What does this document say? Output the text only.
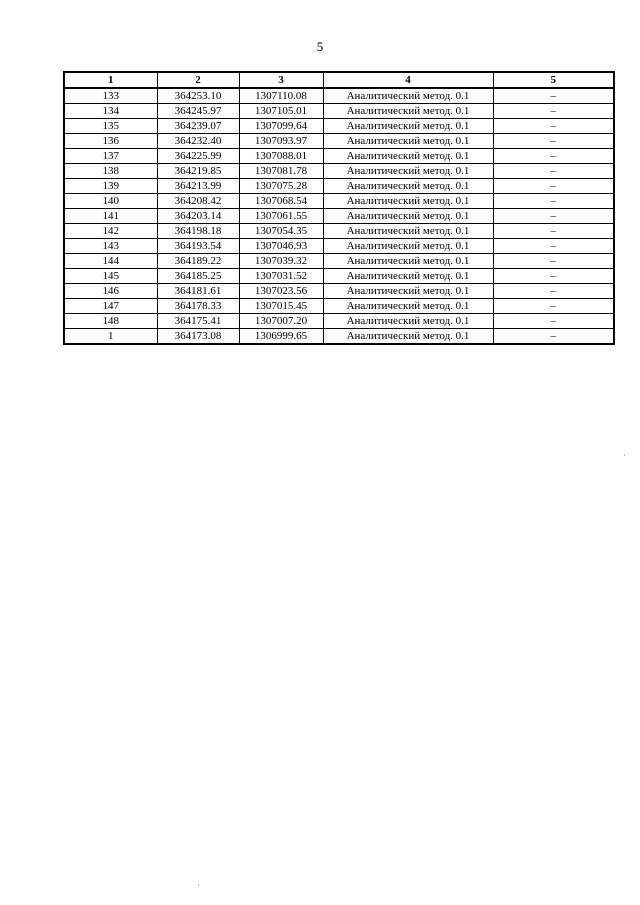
5
1	2	3	4	5
133	364253.10	1307110.08	Аналитический метод. 0.1	–
134	364245.97	1307105.01	Аналитический метод. 0.1	–
135	364239.07	1307099.64	Аналитический метод. 0.1	–
136	364232.40	1307093.97	Аналитический метод. 0.1	–
137	364225.99	1307088.01	Аналитический метод. 0.1	–
138	364219.85	1307081.78	Аналитический метод. 0.1	–
139	364213.99	1307075.28	Аналитический метод. 0.1	–
140	364208.42	1307068.54	Аналитический метод. 0.1	–
141	364203.14	1307061.55	Аналитический метод. 0.1	–
142	364198.18	1307054.35	Аналитический метод. 0.1	–
143	364193.54	1307046.93	Аналитический метод. 0.1	–
144	364189.22	1307039.32	Аналитический метод. 0.1	–
145	364185.25	1307031.52	Аналитический метод. 0.1	–
146	364181.61	1307023.56	Аналитический метод. 0.1	–
147	364178.33	1307015.45	Аналитический метод. 0.1	–
148	364175.41	1307007.20	Аналитический метод. 0.1	–
1	364173.08	1306999.65	Аналитический метод. 0.1	–
